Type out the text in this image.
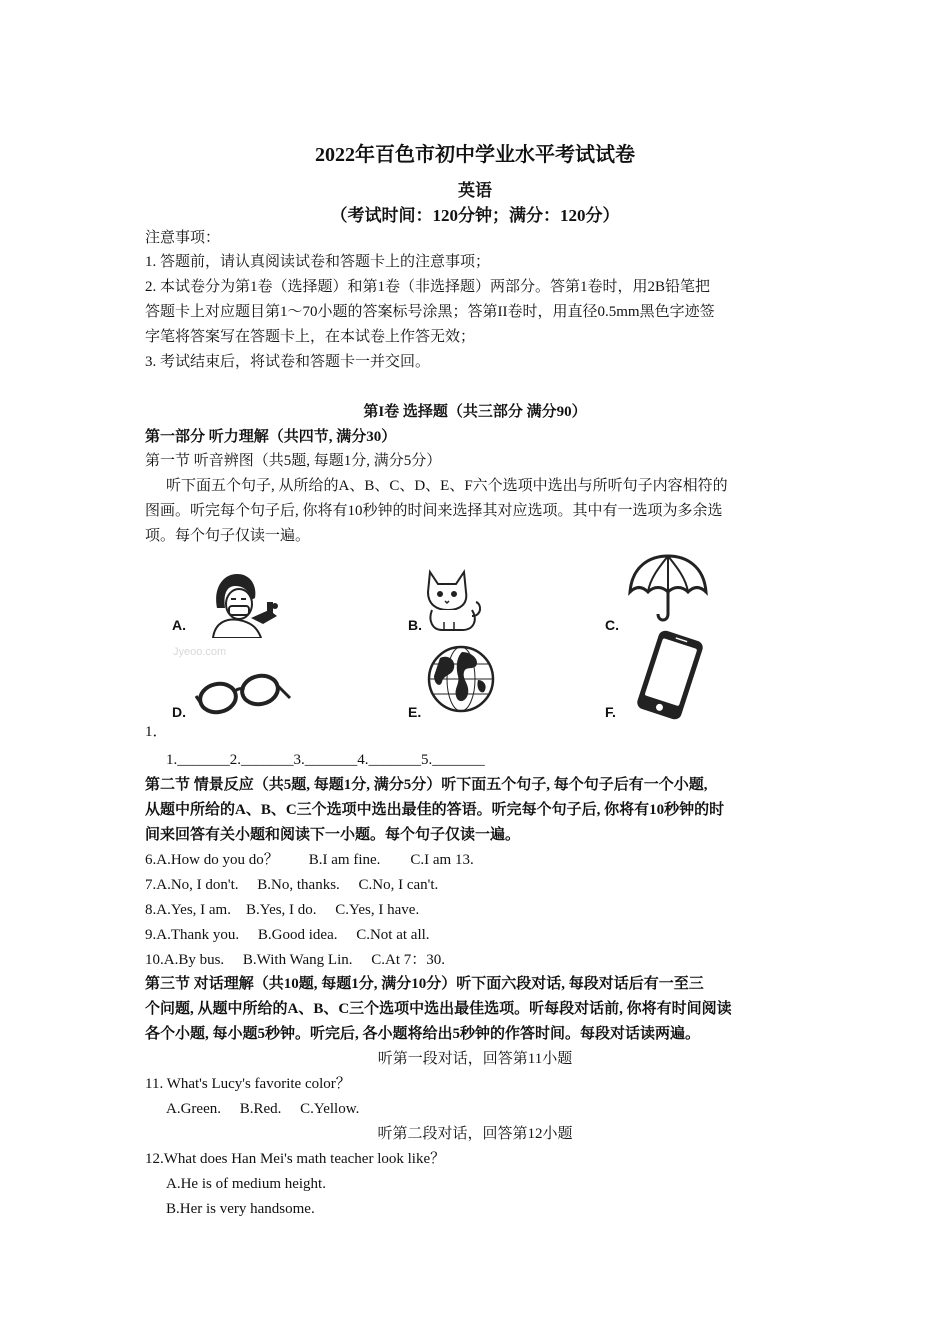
2022年百色市初中学业水平考试试卷
英语
（考试时间：120分钟；满分：120分）
注意事项：
1. 答题前，请认真阅读试卷和答题卡上的注意事项；
2. 本试卷分为第1卷（选择题）和第1卷（非选择题）两部分。答第1卷时，用2B铅笔把
答题卡上对应题目第1～70小题的答案标号涂黑；答第II卷时，用直径0.5mm黑色字迹签
字笔将答案写在答题卡上，在本试卷上作答无效；
3. 考试结束后，将试卷和答题卡一并交回。
第I卷 选择题（共三部分 满分90）
第一部分 听力理解（共四节, 满分30）
第一节 听音辨图（共5题, 每题1分, 满分5分）
听下面五个句子, 从所给的A、B、C、D、E、F六个选项中选出与所听句子内容相符的
图画。听完每个句子后, 你将有10秒钟的时间来选择其对应选项。其中有一选项为多余选
项。每个句子仅读一遍。
A.	B.	C.
Jyeoo.com
D.	E.	F.
1．
1._______2._______3._______4._______5._______
第二节 情景反应（共5题, 每题1分, 满分5分）听下面五个句子, 每个句子后有一个小题,
从题中所给的A、B、C三个选项中选出最佳的答语。听完每个句子后, 你将有10秒钟的时
间来回答有关小题和阅读下一小题。每个句子仅读一遍。
6.A.How do you do？　　B.I am fine.　　C.I am 13.
7.A.No, I don't.　 B.No, thanks.　 C.No, I can't.
8.A.Yes, I am.　B.Yes, I do.　 C.Yes, I have.
9.A.Thank you.　 B.Good idea.　 C.Not at all.
10.A.By bus.　 B.With Wang Lin.　 C.At 7：30.
第三节 对话理解（共10题, 每题1分, 满分10分）听下面六段对话, 每段对话后有一至三
个问题, 从题中所给的A、B、C三个选项中选出最佳选项。听每段对话前, 你将有时间阅读
各个小题, 每小题5秒钟。听完后, 各小题将给出5秒钟的作答时间。每段对话读两遍。
听第一段对话，回答第11小题
11. What's Lucy's favorite color？
A.Green.　 B.Red.　 C.Yellow.
听第二段对话，回答第12小题
12.What does Han Mei's math teacher look like？
A.He is of medium height.
B.Her is very handsome.
